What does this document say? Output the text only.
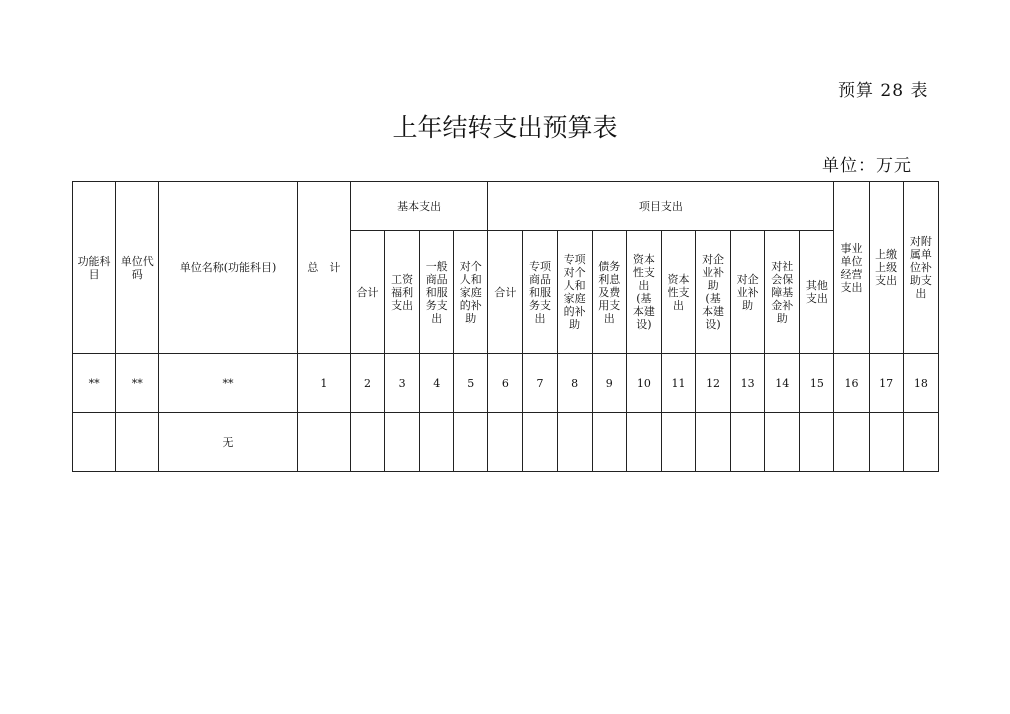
预算 28 表
上年结转支出预算表
单位：万元
功能科目	单位代码	单位名称(功能科目)	总　计	基本支出				项目支出										事业单位经营支出	上缴上级支出	对附属单位补助支出
				合计	工资福利支出	一般商品和服务支出	对个人和家庭的补助	合计	专项商品和服务支出	专项对个人和家庭的补助	债务利息及费用支出	资本性支出(基本建设)	资本性支出	对企业补助(基本建设)	对企业补助	对社会保障基金补助	其他支出			
**	**	**	1	2	3	4	5	6	7	8	9	10	11	12	13	14	15	16	17	18
		无																		
